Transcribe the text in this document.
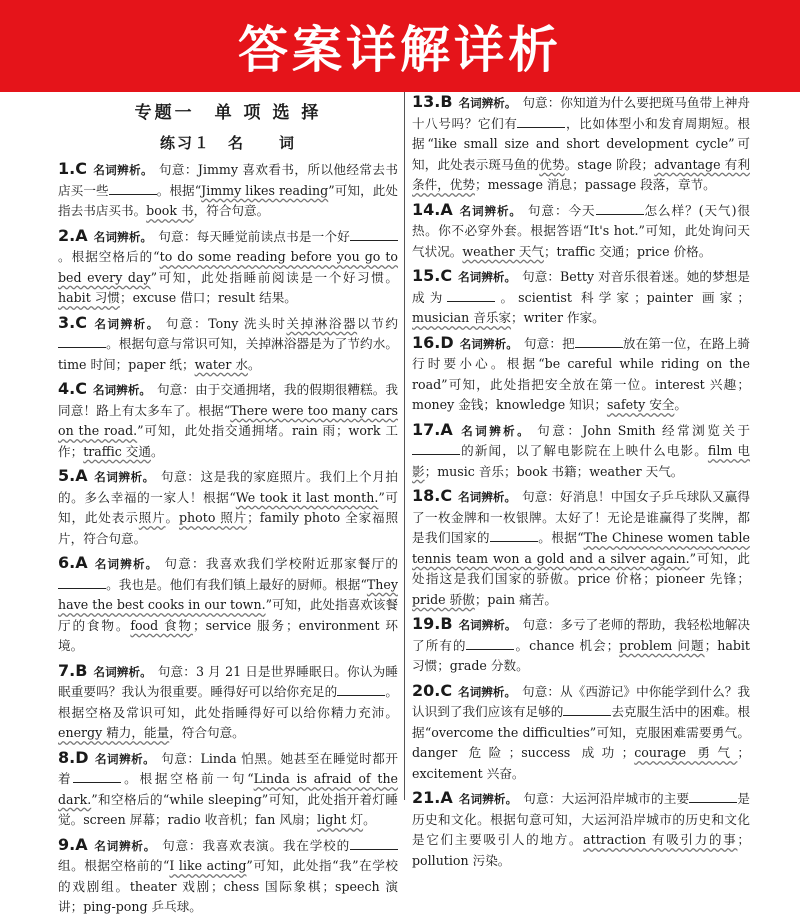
答案详解详析
专题一　单 项 选 择
练习１　名　　词
1.C 名词辨析。 句意：Jimmy 喜欢看书，所以他经常去书店买一些	。根据“Jimmy likes reading”可知，此处指去书店买书。book 书，符合句意。
2.A 名词辨析。 句意：每天睡觉前读点书是一个好。根据空格后的“to do some reading before you go to bed every day”可知，此处指睡前阅读是一个好习惯。habit 习惯；excuse 借口；result 结果。
3.C 名词辨析。 句意：Tony 洗头时关掉淋浴器以节约。根据句意与常识可知，关掉淋浴器是为了节约水。time 时间；paper 纸；water 水。
4.C 名词辨析。 句意：由于交通拥堵，我的假期很糟糕。我同意！路上有太多车了。根据“There were too many cars on the road.”可知，此处指交通拥堵。rain 雨；work 工作；traffic 交通。
5.A 名词辨析。 句意：这是我的家庭照片。我们上个月拍的。多么幸福的一家人！根据“We took it last month.”可知，此处表示照片。photo 照片；family photo 全家福照片，符合句意。
6.A 名词辨析。 句意：我喜欢我们学校附近那家餐厅的。我也是。他们有我们镇上最好的厨师。根据“They have the best cooks in our town.”可知，此处指喜欢该餐厅的食物。food 食物；service 服务；environment 环境。
7.B 名词辨析。 句意：3 月 21 日是世界睡眠日。你认为睡眠重要吗？我认为很重要。睡得好可以给你充足的	。根据空格及常识可知，此处指睡得好可以给你精力充沛。energy 精力，能量，符合句意。
8.D 名词辨析。 句意：Linda 怕黑。她甚至在睡觉时都开着	。根据空格前一句“Linda is afraid of the dark.”和空格后的“while sleeping”可知，此处指开着灯睡觉。screen 屏幕；radio 收音机；fan 风扇；light 灯。
9.A 名词辨析。 句意：我喜欢表演。我在学校的组。根据空格前的“I like acting”可知，此处指“我”在学校的戏剧组。theater 戏剧；chess 国际象棋；speech 演讲；ping-pong 乒乓球。
13.B 名词辨析。 句意：你知道为什么要把斑马鱼带上神舟十八号吗？它们有	，比如体型小和发育周期短。根据“like small size and short development cycle”可知，此处表示斑马鱼的优势。stage 阶段；advantage 有利条件，优势；message 消息；passage 段落，章节。
14.A 名词辨析。 句意：今天	怎么样？(天气)很热。你不必穿外套。根据答语“It's hot.”可知，此处询问天气状况。weather 天气；traffic 交通；price 价格。
15.C 名词辨析。 句意：Betty 对音乐很着迷。她的梦想是成为	。scientist 科学家；painter 画家；musician 音乐家；writer 作家。
16.D 名词辨析。 句意：把	放在第一位，在路上骑行时要小心。根据“be careful while riding on the road”可知，此处指把安全放在第一位。interest 兴趣；money 金钱；knowledge 知识；safety 安全。
17.A 名词辨析。 句意：John Smith 经常浏览关于的新闻，以了解电影院在上映什么电影。film 电影；music 音乐；book 书籍；weather 天气。
18.C 名词辨析。 句意：好消息！中国女子乒乓球队又赢得了一枚金牌和一枚银牌。太好了！无论是谁赢得了奖牌，都是我们国家的	。根据“The Chinese women table tennis team won a gold and a silver again.”可知，此处指这是我们国家的骄傲。price 价格；pioneer 先锋；pride 骄傲；pain 痛苦。
19.B 名词辨析。 句意：多亏了老师的帮助，我轻松地解决了所有的	。chance 机会；problem 问题；habit 习惯；grade 分数。
20.C 名词辨析。 句意：从《西游记》中你能学到什么？我认识到了我们应该有足够的	去克服生活中的困难。根据“overcome the difficulties”可知，克服困难需要勇气。danger 危险；success 成功；courage 勇气；excitement 兴奋。
21.A 名词辨析。 句意：大运河沿岸城市的主要	是历史和文化。根据句意可知，大运河沿岸城市的历史和文化是它们主要吸引人的地方。attraction 有吸引力的事；pollution 污染。
